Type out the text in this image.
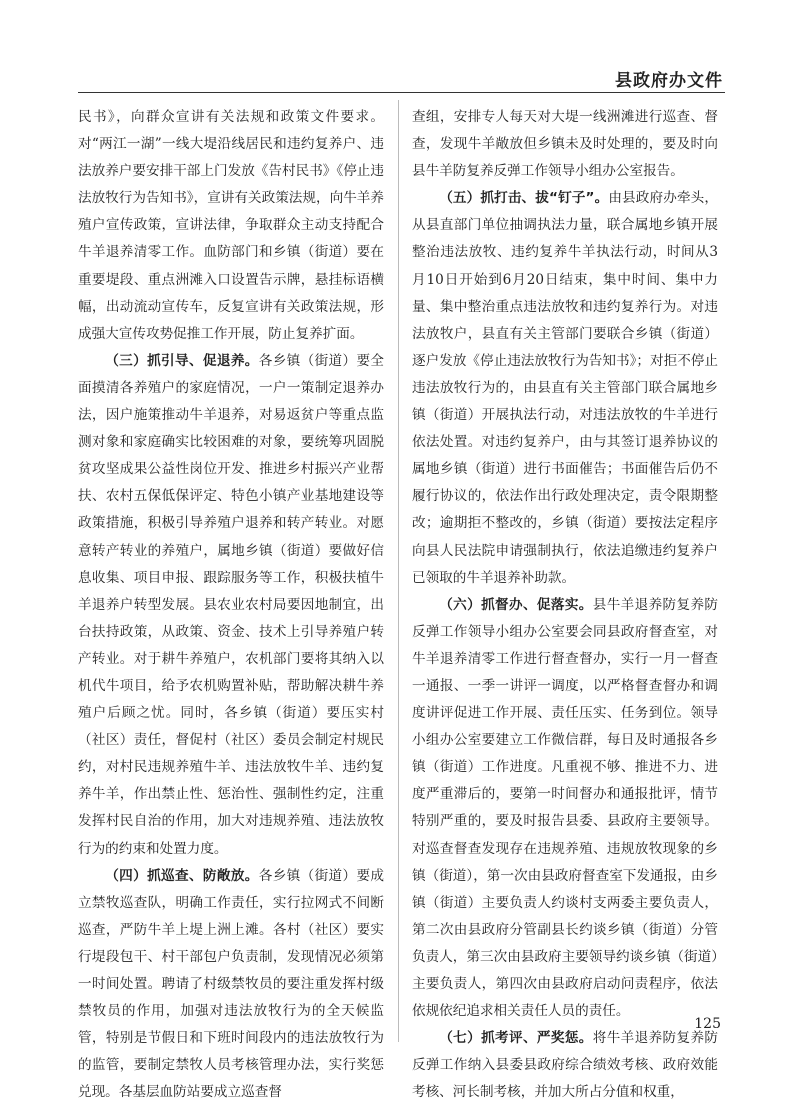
县政府办文件

民书》，向群众宣讲有关法规和政策文件要求。对“两江一湖”一线大堤沿线居民和违约复养户、违法放养户要安排干部上门发放《告村民书》《停止违法放牧行为告知书》，宣讲有关政策法规，向牛羊养殖户宣传政策，宣讲法律，争取群众主动支持配合牛羊退养清零工作。血防部门和乡镇（街道）要在重要堤段、重点洲滩入口设置告示牌，悬挂标语横幅，出动流动宣传车，反复宣讲有关政策法规，形成强大宣传攻势促推工作开展，防止复养扩面。

（三）抓引导、促退养。各乡镇（街道）要全面摸清各养殖户的家庭情况，一户一策制定退养办法，因户施策推动牛羊退养，对易返贫户等重点监测对象和家庭确实比较困难的对象，要统筹巩固脱贫攻坚成果公益性岗位开发、推进乡村振兴产业帮扶、农村五保低保评定、特色小镇产业基地建设等政策措施，积极引导养殖户退养和转产转业。对愿意转产转业的养殖户，属地乡镇（街道）要做好信息收集、项目申报、跟踪服务等工作，积极扶植牛羊退养户转型发展。县农业农村局要因地制宜，出台扶持政策，从政策、资金、技术上引导养殖户转产转业。对于耕牛养殖户，农机部门要将其纳入以机代牛项目，给予农机购置补贴，帮助解决耕牛养殖户后顾之忧。同时，各乡镇（街道）要压实村（社区）责任，督促村（社区）委员会制定村规民约，对村民违规养殖牛羊、违法放牧牛羊、违约复养牛羊，作出禁止性、惩治性、强制性约定，注重发挥村民自治的作用，加大对违规养殖、违法放牧行为的约束和处置力度。

（四）抓巡查、防敞放。各乡镇（街道）要成立禁牧巡查队，明确工作责任，实行拉网式不间断巡查，严防牛羊上堤上洲上滩。各村（社区）要实行堤段包干、村干部包户负责制，发现情况必须第一时间处置。聘请了村级禁牧员的要注重发挥村级禁牧员的作用，加强对违法放牧行为的全天候监管，特别是节假日和下班时间段内的违法放牧行为的监管，要制定禁牧人员考核管理办法，实行奖惩兑现。各基层血防站要成立巡查督

查组，安排专人每天对大堤一线洲滩进行巡查、督查，发现牛羊敞放但乡镇未及时处理的，要及时向县牛羊防复养反弹工作领导小组办公室报告。

（五）抓打击、拔“钉子”。由县政府办牵头，从县直部门单位抽调执法力量，联合属地乡镇开展整治违法放牧、违约复养牛羊执法行动，时间从3月10日开始到6月20日结束，集中时间、集中力量、集中整治重点违法放牧和违约复养行为。对违法放牧户，县直有关主管部门要联合乡镇（街道）逐户发放《停止违法放牧行为告知书》；对拒不停止违法放牧行为的，由县直有关主管部门联合属地乡镇（街道）开展执法行动，对违法放牧的牛羊进行依法处置。对违约复养户，由与其签订退养协议的属地乡镇（街道）进行书面催告；书面催告后仍不履行协议的，依法作出行政处理决定，责令限期整改；逾期拒不整改的，乡镇（街道）要按法定程序向县人民法院申请强制执行，依法追缴违约复养户已领取的牛羊退养补助款。

（六）抓督办、促落实。县牛羊退养防复养防反弹工作领导小组办公室要会同县政府督查室，对牛羊退养清零工作进行督查督办，实行一月一督查一通报、一季一讲评一调度，以严格督查督办和调度讲评促进工作开展、责任压实、任务到位。领导小组办公室要建立工作微信群，每日及时通报各乡镇（街道）工作进度。凡重视不够、推进不力、进度严重滞后的，要第一时间督办和通报批评，情节特别严重的，要及时报告县委、县政府主要领导。对巡查督查发现存在违规养殖、违规放牧现象的乡镇（街道），第一次由县政府督查室下发通报，由乡镇（街道）主要负责人约谈村支两委主要负责人，第二次由县政府分管副县长约谈乡镇（街道）分管负责人，第三次由县政府主要领导约谈乡镇（街道）主要负责人，第四次由县政府启动问责程序，依法依规依纪追求相关责任人员的责任。

（七）抓考评、严奖惩。将牛羊退养防复养防反弹工作纳入县委县政府综合绩效考核、政府效能考核、河长制考核，并加大所占分值和权重，

125
